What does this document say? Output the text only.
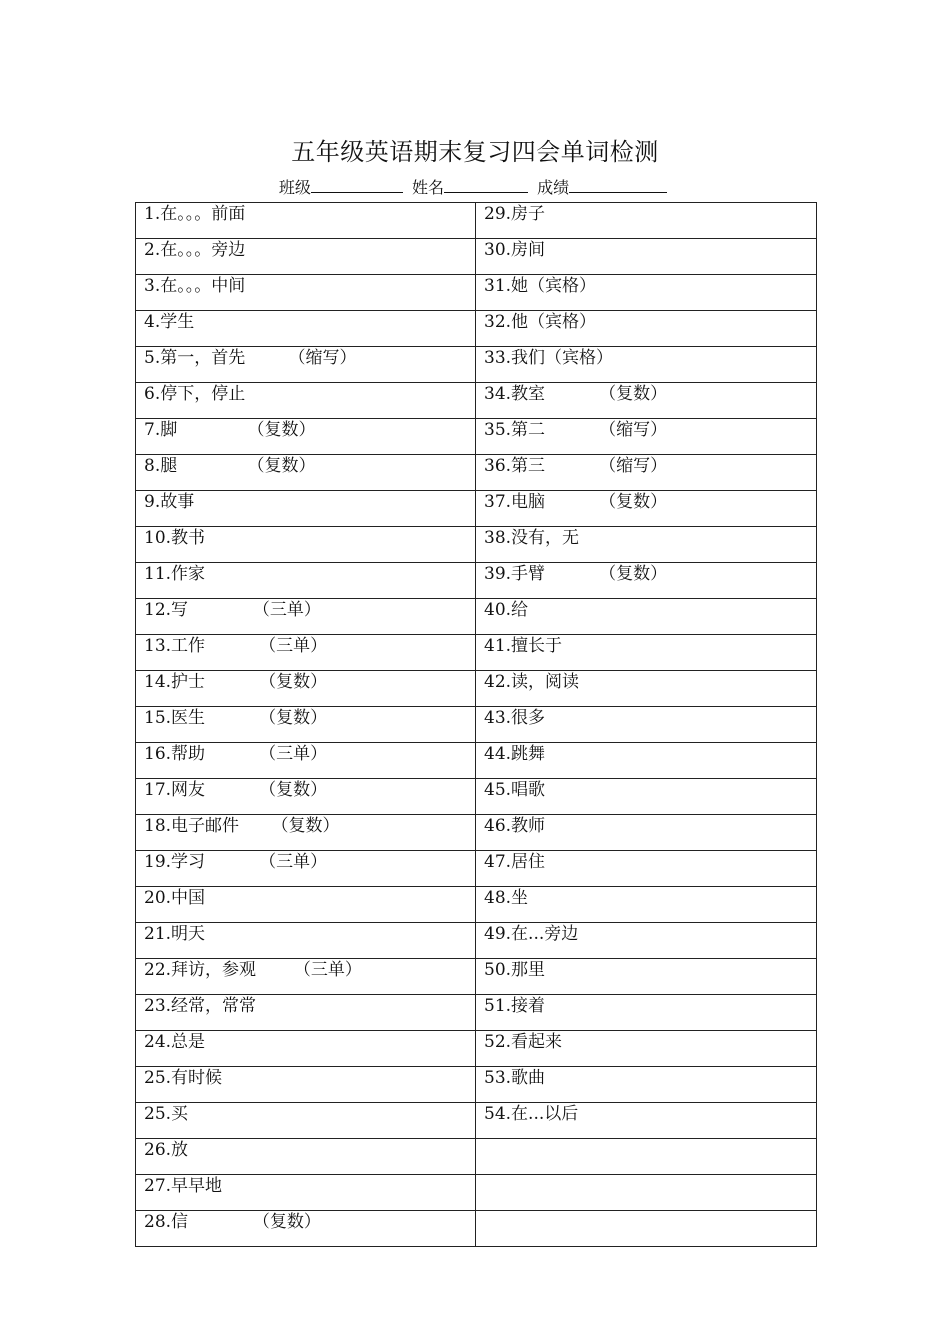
五年级英语期末复习四会单词检测
班级	姓名	成绩
1.在。。。前面	29.房子
2.在。。。旁边	30.房间
3.在。。。中间	31.她（宾格）
4.学生	32.他（宾格）
5.第一，首先        （缩写）	33.我们（宾格）
6.停下，停止	34.教室          （复数）
7.脚             （复数）	35.第二          （缩写）
8.腿             （复数）	36.第三          （缩写）
9.故事	37.电脑          （复数）
10.教书	38.没有，无
11.作家	39.手臂          （复数）
12.写            （三单）	40.给
13.工作          （三单）	41.擅长于
14.护士          （复数）	42.读，阅读
15.医生          （复数）	43.很多
16.帮助          （三单）	44.跳舞
17.网友          （复数）	45.唱歌
18.电子邮件      （复数）	46.教师
19.学习          （三单）	47.居住
20.中国	48.坐
21.明天	49.在...旁边
22.拜访，参观       （三单）	50.那里
23.经常，常常	51.接着
24.总是	52.看起来
25.有时候	53.歌曲
25.买	54.在...以后
26.放	
27.早早地	
28.信            （复数）	
